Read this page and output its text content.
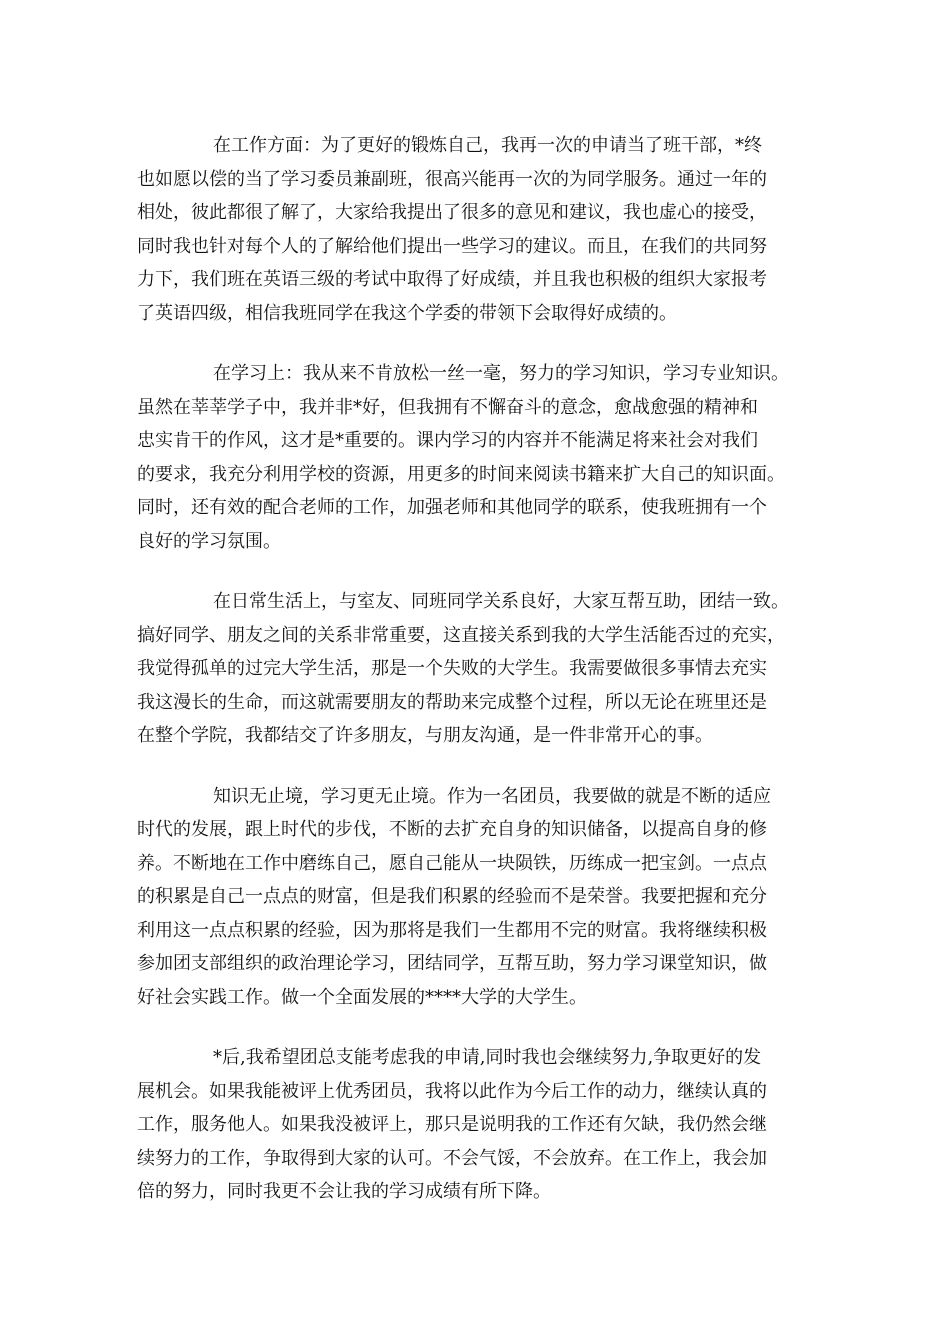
在工作方面：为了更好的锻炼自己，我再一次的申请当了班干部，*终
也如愿以偿的当了学习委员兼副班，很高兴能再一次的为同学服务。通过一年的
相处，彼此都很了解了，大家给我提出了很多的意见和建议，我也虚心的接受，
同时我也针对每个人的了解给他们提出一些学习的建议。而且，在我们的共同努
力下，我们班在英语三级的考试中取得了好成绩，并且我也积极的组织大家报考
了英语四级，相信我班同学在我这个学委的带领下会取得好成绩的。

在学习上：我从来不肯放松一丝一毫，努力的学习知识，学习专业知识。
虽然在莘莘学子中，我并非*好，但我拥有不懈奋斗的意念，愈战愈强的精神和
忠实肯干的作风，这才是*重要的。课内学习的内容并不能满足将来社会对我们
的要求，我充分利用学校的资源，用更多的时间来阅读书籍来扩大自己的知识面。
同时，还有效的配合老师的工作，加强老师和其他同学的联系，使我班拥有一个
良好的学习氛围。

在日常生活上，与室友、同班同学关系良好，大家互帮互助，团结一致。
搞好同学、朋友之间的关系非常重要，这直接关系到我的大学生活能否过的充实，
我觉得孤单的过完大学生活，那是一个失败的大学生。我需要做很多事情去充实
我这漫长的生命，而这就需要朋友的帮助来完成整个过程，所以无论在班里还是
在整个学院，我都结交了许多朋友，与朋友沟通，是一件非常开心的事。

知识无止境，学习更无止境。作为一名团员，我要做的就是不断的适应
时代的发展，跟上时代的步伐，不断的去扩充自身的知识储备，以提高自身的修
养。不断地在工作中磨练自己，愿自己能从一块陨铁，历练成一把宝剑。一点点
的积累是自己一点点的财富，但是我们积累的经验而不是荣誉。我要把握和充分
利用这一点点积累的经验，因为那将是我们一生都用不完的财富。我将继续积极
参加团支部组织的政治理论学习，团结同学，互帮互助，努力学习课堂知识，做
好社会实践工作。做一个全面发展的****大学的大学生。

*后,我希望团总支能考虑我的申请,同时我也会继续努力,争取更好的发
展机会。如果我能被评上优秀团员，我将以此作为今后工作的动力，继续认真的
工作，服务他人。如果我没被评上，那只是说明我的工作还有欠缺，我仍然会继
续努力的工作，争取得到大家的认可。不会气馁，不会放弃。在工作上，我会加
倍的努力，同时我更不会让我的学习成绩有所下降。
